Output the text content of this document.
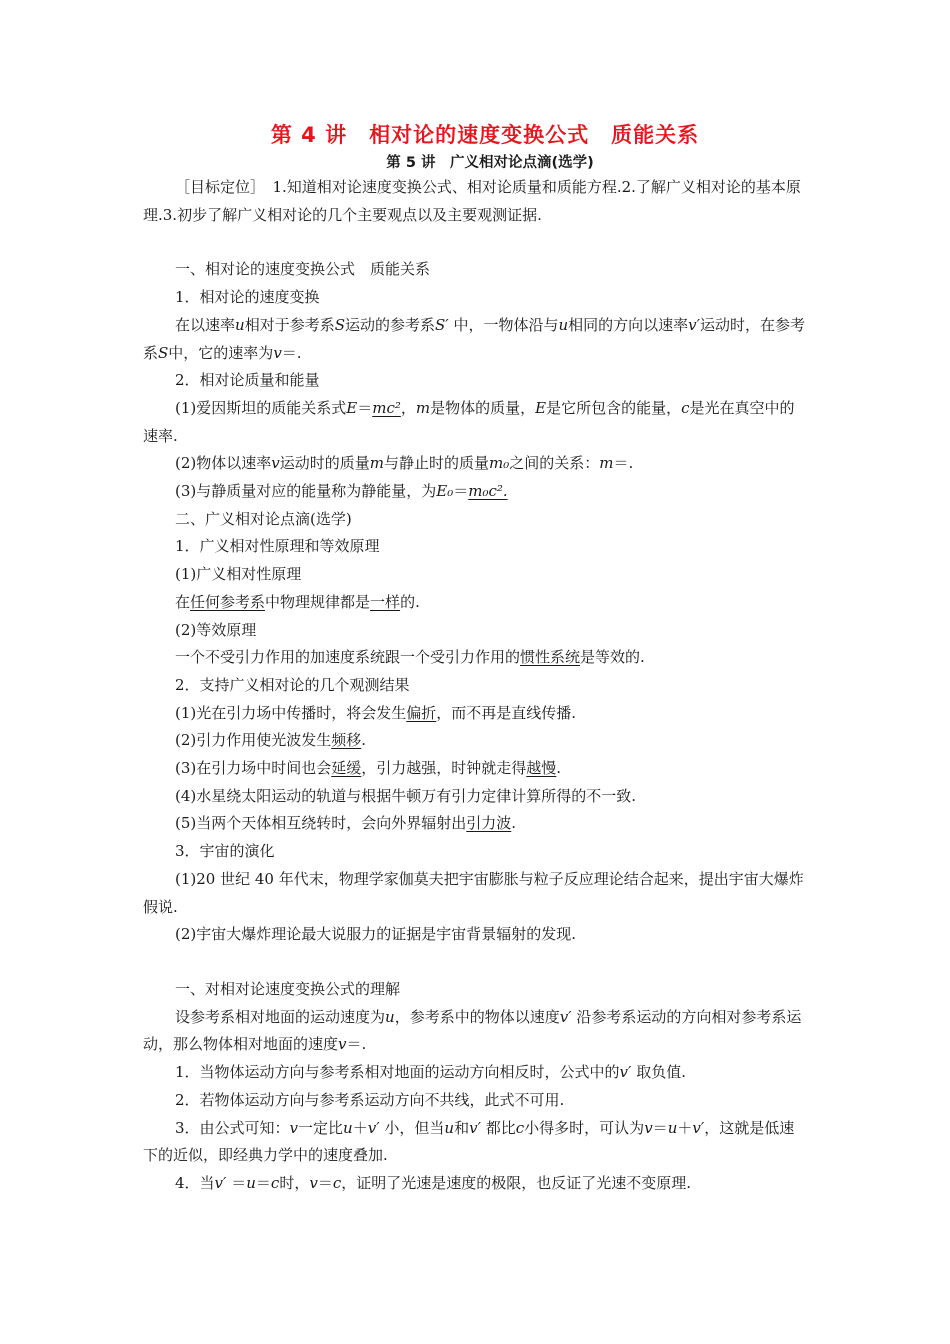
第 4 讲　相对论的速度变换公式　质能关系
第 5 讲　广义相对论点滴(选学)
［目标定位］　1.知道相对论速度变换公式、相对论质量和质能方程.2.了解广义相对论的基本原理.3.初步了解广义相对论的几个主要观点以及主要观测证据.
一、相对论的速度变换公式　质能关系
1．相对论的速度变换
在以速率u相对于参考系S运动的参考系S′ 中，一物体沿与u相同的方向以速率v′运动时，在参考系S中，它的速率为v＝.
2．相对论质量和能量
(1)爱因斯坦的质能关系式E＝mc²，m是物体的质量，E是它所包含的能量，c是光在真空中的速率.
(2)物体以速率v运动时的质量m与静止时的质量m₀之间的关系：m＝.
(3)与静质量对应的能量称为静能量，为E₀＝m₀c².
二、广义相对论点滴(选学)
1．广义相对性原理和等效原理
(1)广义相对性原理
在任何参考系中物理规律都是一样的.
(2)等效原理
一个不受引力作用的加速度系统跟一个受引力作用的惯性系统是等效的.
2．支持广义相对论的几个观测结果
(1)光在引力场中传播时，将会发生偏折，而不再是直线传播.
(2)引力作用使光波发生频移.
(3)在引力场中时间也会延缓，引力越强，时钟就走得越慢.
(4)水星绕太阳运动的轨道与根据牛顿万有引力定律计算所得的不一致.
(5)当两个天体相互绕转时，会向外界辐射出引力波.
3．宇宙的演化
(1)20 世纪 40 年代末，物理学家伽莫夫把宇宙膨胀与粒子反应理论结合起来，提出宇宙大爆炸假说.
(2)宇宙大爆炸理论最大说服力的证据是宇宙背景辐射的发现.
一、对相对论速度变换公式的理解
设参考系相对地面的运动速度为u，参考系中的物体以速度v′ 沿参考系运动的方向相对参考系运动，那么物体相对地面的速度v＝.
1．当物体运动方向与参考系相对地面的运动方向相反时，公式中的v′ 取负值.
2．若物体运动方向与参考系运动方向不共线，此式不可用.
3．由公式可知：v一定比u＋v′ 小，但当u和v′ 都比c小得多时，可认为v＝u＋v′，这就是低速下的近似，即经典力学中的速度叠加.
4．当v′ ＝u＝c时，v＝c，证明了光速是速度的极限，也反证了光速不变原理.
